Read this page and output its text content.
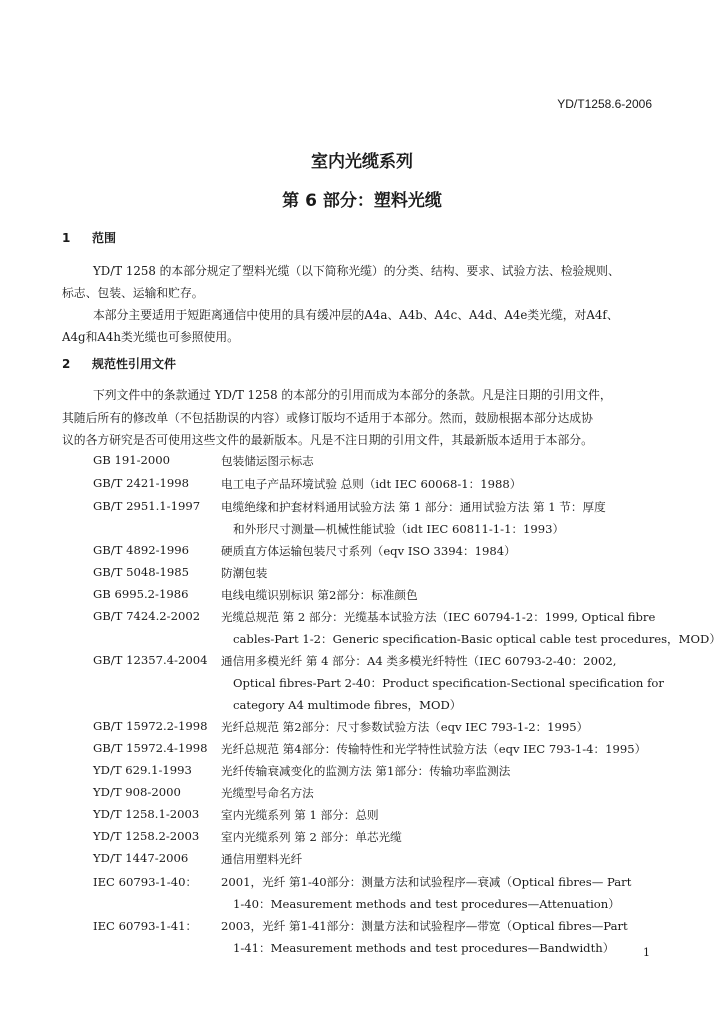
YD/T1258.6-2006
室内光缆系列
第 6 部分：塑料光缆
1 范围
YD/T 1258 的本部分规定了塑料光缆（以下简称光缆）的分类、结构、要求、试验方法、检验规则、
标志、包装、运输和贮存。
本部分主要适用于短距离通信中使用的具有缓冲层的A4a、A4b、A4c、A4d、A4e类光缆，对A4f、
A4g和A4h类光缆也可参照使用。
2 规范性引用文件
下列文件中的条款通过 YD/T 1258 的本部分的引用而成为本部分的条款。凡是注日期的引用文件，
其随后所有的修改单（不包括勘误的内容）或修订版均不适用于本部分。然而，鼓励根据本部分达成协
议的各方研究是否可使用这些文件的最新版本。凡是不注日期的引用文件，其最新版本适用于本部分。
GB 191-2000	包装储运图示标志
GB/T 2421-1998	电工电子产品环境试验 总则（idt IEC 60068-1：1988）
GB/T 2951.1-1997 电缆绝缘和护套材料通用试验方法 第 1 部分：通用试验方法 第 1 节：厚度
和外形尺寸测量—机械性能试验（idt IEC 60811-1-1：1993）
GB/T 4892-1996	硬质直方体运输包装尺寸系列（eqv ISO 3394：1984）
GB/T 5048-1985	防潮包装
GB 6995.2-1986	电线电缆识别标识 第2部分：标准颜色
GB/T 7424.2-2002 光缆总规范 第 2 部分：光缆基本试验方法（IEC 60794-1-2：1999, Optical fibre
cables-Part 1-2：Generic specification-Basic optical cable test procedures，MOD）
GB/T 12357.4-2004 通信用多模光纤 第 4 部分：A4 类多模光纤特性（IEC 60793-2-40：2002,
Optical fibres-Part 2-40：Product specification-Sectional specification for
category A4 multimode fibres，MOD）
GB/T 15972.2-1998 光纤总规范 第2部分：尺寸参数试验方法（eqv IEC 793-1-2：1995）
GB/T 15972.4-1998 光纤总规范 第4部分：传输特性和光学特性试验方法（eqv IEC 793-1-4：1995）
YD/T 629.1-1993	光纤传输衰减变化的监测方法 第1部分：传输功率监测法
YD/T 908-2000	光缆型号命名方法
YD/T 1258.1-2003 室内光缆系列 第 1 部分：总则
YD/T 1258.2-2003 室内光缆系列 第 2 部分：单芯光缆
YD/T 1447-2006	通信用塑料光纤
IEC 60793-1-40： 2001，光纤 第1-40部分：测量方法和试验程序—衰减（Optical fibres— Part
1-40：Measurement methods and test procedures—Attenuation）
IEC 60793-1-41： 2003，光纤 第1-41部分：测量方法和试验程序—带宽（Optical fibres—Part
1-41：Measurement methods and test procedures—Bandwidth）	1
